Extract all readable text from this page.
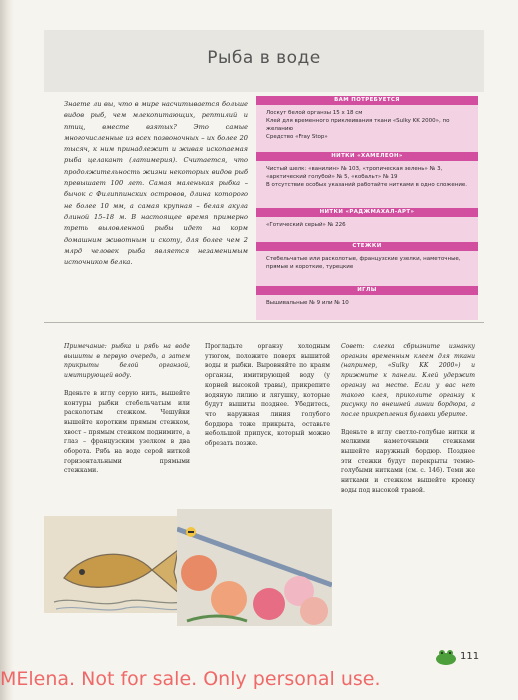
Рыба в воде
Знаете ли вы, что в мире насчитывается больше видов рыб, чем млекопитающих, рептилий и птиц, вместе взятых? Это самые многочисленные из всех позвоночных – их более 20 тысяч, к ним принадлежит и живая ископаемая рыба целакант (латимерия). Считается, что продолжительность жизни некоторых видов рыб превышает 100 лет. Самая маленькая рыбка – бычок с Филиппинских островов, длина которого не более 10 мм, а самая крупная – белая акула длиной 15–18 м. В настоящее время примерно треть выловленной рыбы идет на корм домашним животным и скоту, для более чем 2 млрд человек рыба является незаменимым источником белка.
ВАМ ПОТРЕБУЕТСЯ
Лоскут белой органзы 15 x 18 см
Клей для временного приклеивания ткани «Sulky KK 2000», по желанию
Средство «Fray Stop»
НИТКИ «ХАМЕЛЕОН»
Чистый шелк: «ванилин» № 103, «тропическая зелень» № 3, «арктический голубой» № 5, «кобальт» № 19
В отсутствие особых указаний работайте нитками в одно сложение.
НИТКИ «РАДЖМАХАЛ-АРТ»
«Готический серый» № 226
СТЕЖКИ
Стебельчатые или расколотые, французские узелки, наметочные, прямые и короткие, турецкие
ИГЛЫ
Вышивальные № 9 или № 10

Примечание: рыбка и рябь на воде вышиты в первую очередь, а затем прикрыты белой органзой, имитирующей воду.

Вденьте в иглу серую нить, вышейте контуры рыбки стебельчатым или расколотым стежком. Чешуйки вышейте коротким прямым стежком, хвост – прямым стежком поднимите, а глаз – французским узелком в два оборота. Рябь на воде серой ниткой горизонтальными прямыми стежками.

Прогладьте органзу холодным утюгом, положите поверх вышитой воды и рыбки. Выровняйте по краям органзы, имитирующей воду (у корней высокой травы), прикрепите водяную лилию и лягушку, которые будут вышиты позднее. Убедитесь, что наружная линия голубого бордюра тоже прикрыта, оставьте небольшой припуск, который можно обрезать позже.

Совет: слегка сбрызните изнанку органзы временным клеем для ткани (например, «Sulky KK 2000») и прижмите к панели. Клей удержит органзу на месте. Если у вас нет такого клея, приколите органзу к рисунку по внешней линии бордюра, а после прикрепления булавки уберите.

Вденьте в иглу светло-голубые нитки и мелкими наметочными стежками вышейте наружный бордюр. Позднее эти стежки будут перекрыты темно-голубыми нитками (см. с. 146). Теми же нитками и стежком вышейте кромку воды под высокой травой.

111
MElena. Not for sale. Only personal use.
